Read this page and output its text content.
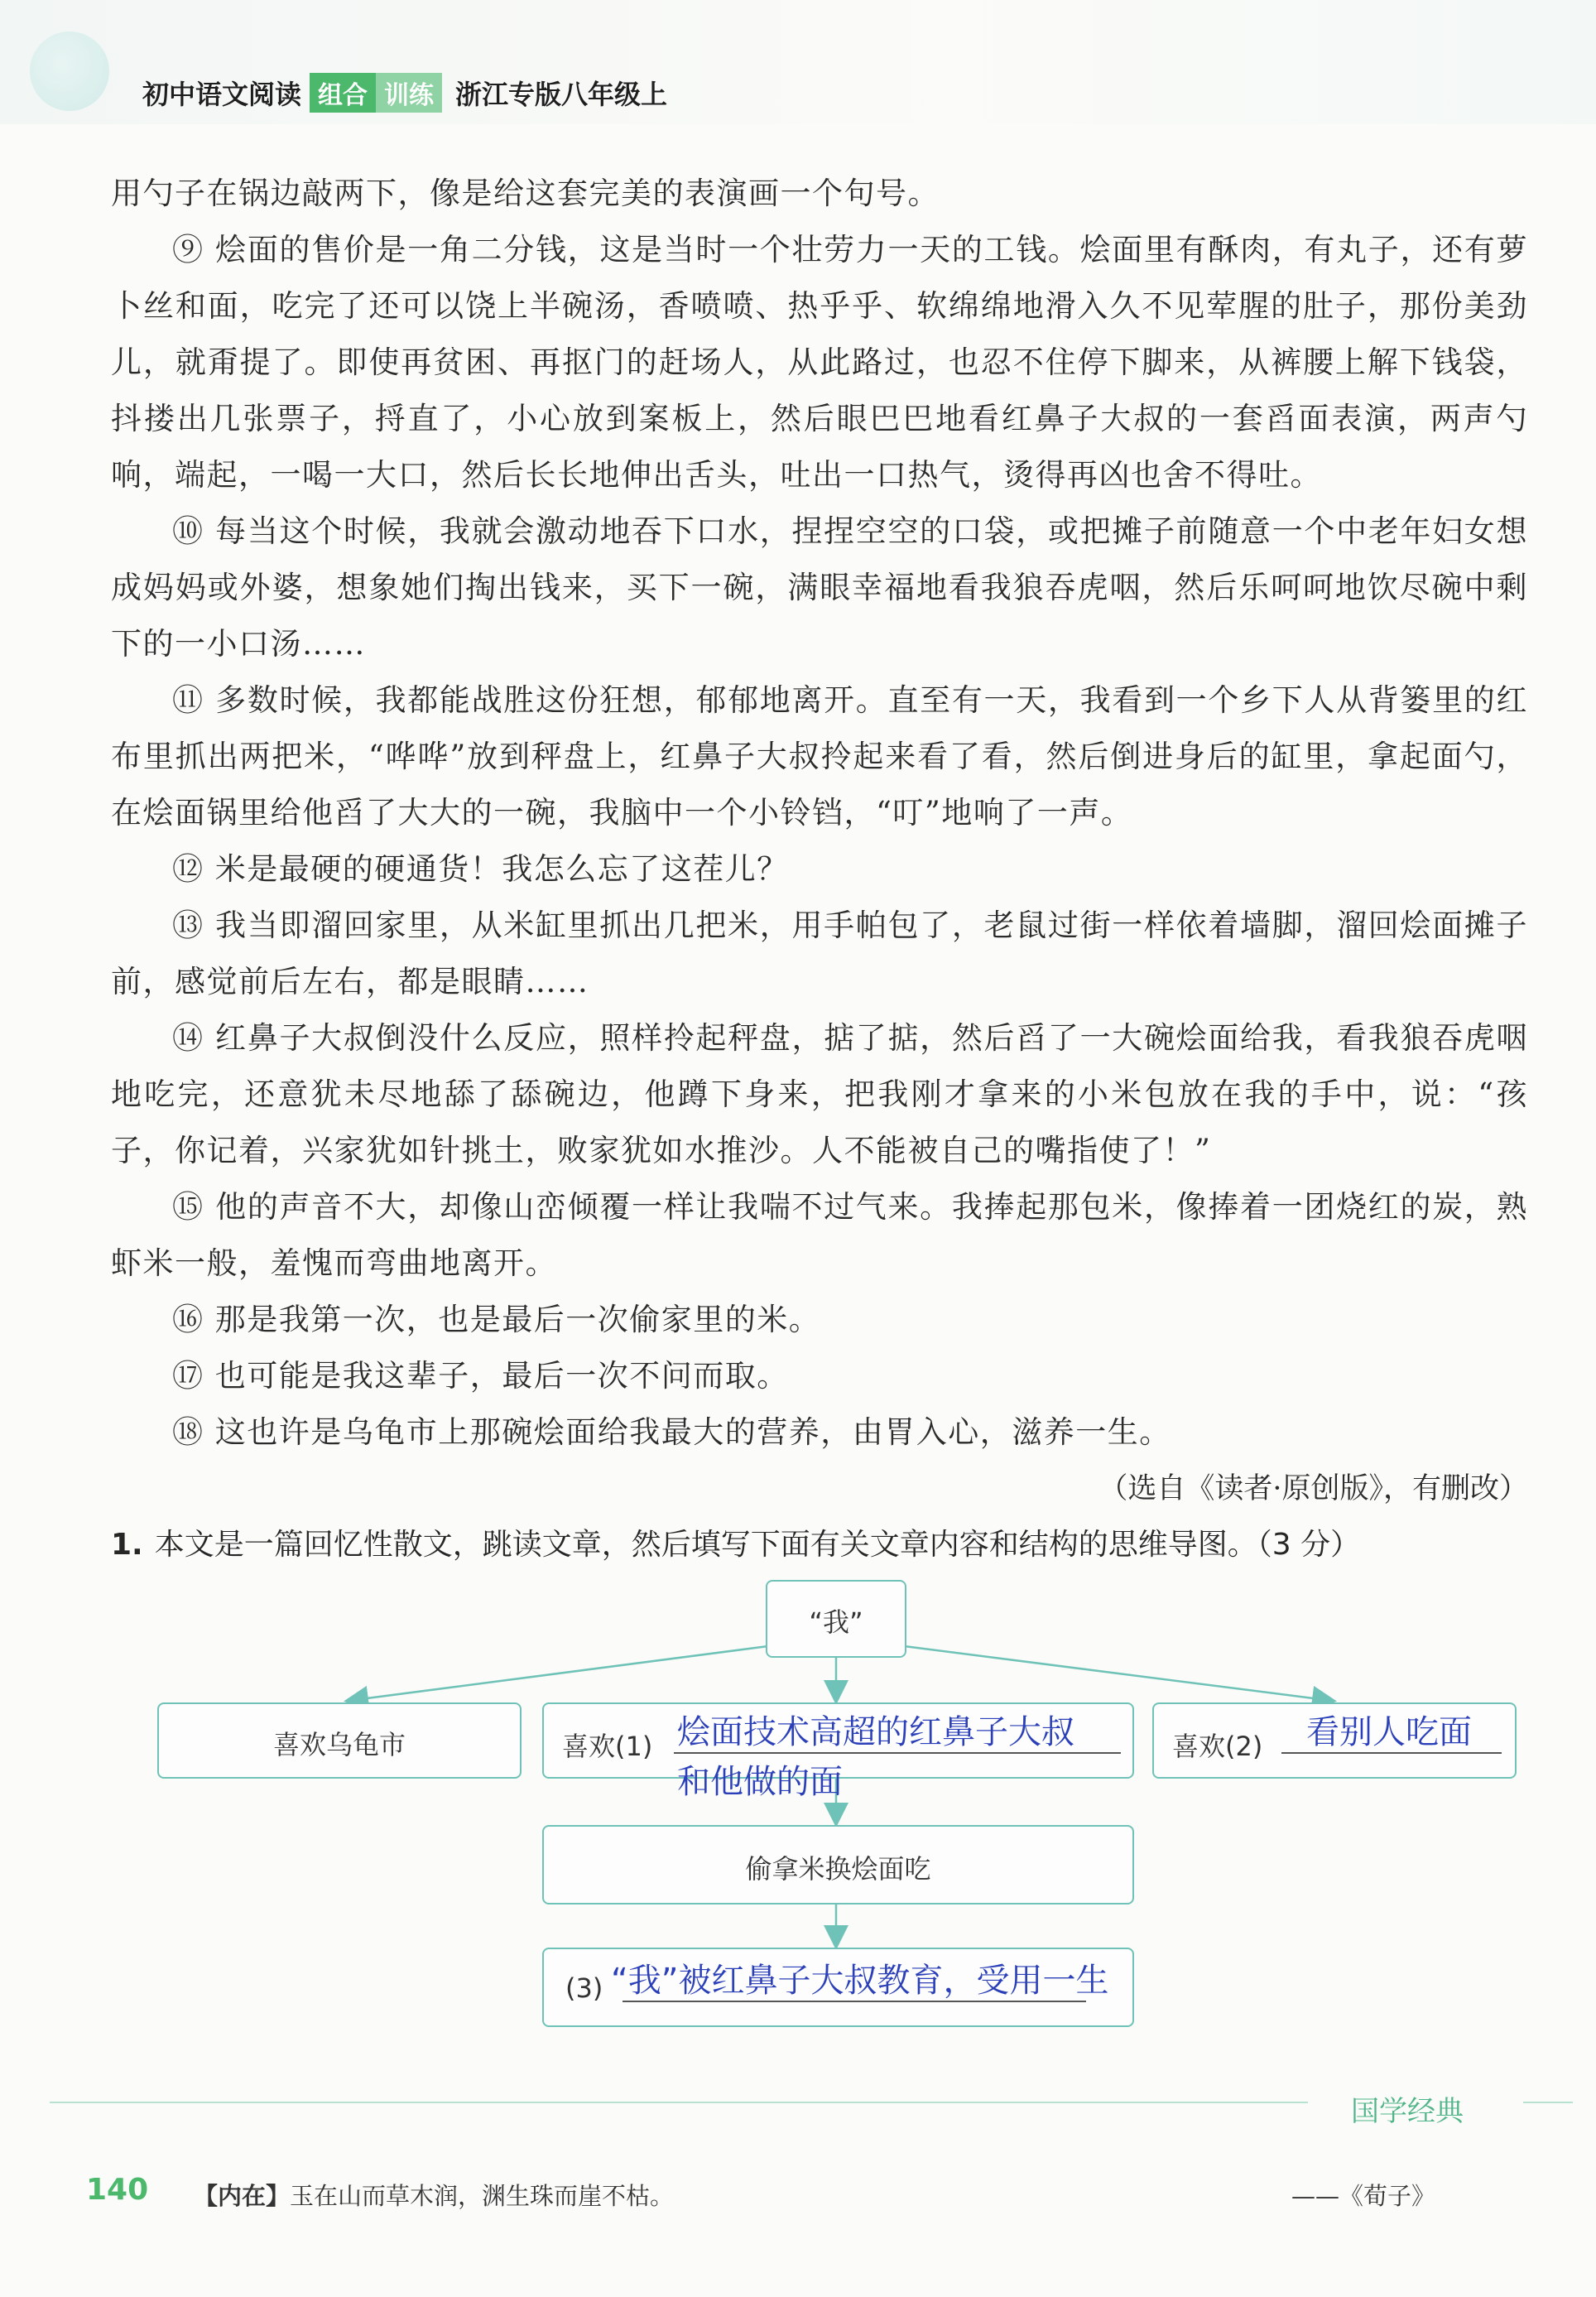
初中语文阅读 组合 训练 浙江专版八年级上

用勺子在锅边敲两下，像是给这套完美的表演画一个句号。

⑨ 烩面的售价是一角二分钱，这是当时一个壮劳力一天的工钱。烩面里有酥肉，有丸子，还有萝卜丝和面，吃完了还可以饶上半碗汤，香喷喷、热乎乎、软绵绵地滑入久不见荤腥的肚子，那份美劲儿，就甭提了。即使再贫困、再抠门的赶场人，从此路过，也忍不住停下脚来，从裤腰上解下钱袋，抖搂出几张票子，捋直了，小心放到案板上，然后眼巴巴地看红鼻子大叔的一套舀面表演，两声勺响，端起，一喝一大口，然后长长地伸出舌头，吐出一口热气，烫得再凶也舍不得吐。

⑩ 每当这个时候，我就会激动地吞下口水，捏捏空空的口袋，或把摊子前随意一个中老年妇女想成妈妈或外婆，想象她们掏出钱来，买下一碗，满眼幸福地看我狼吞虎咽，然后乐呵呵地饮尽碗中剩下的一小口汤……

⑪ 多数时候，我都能战胜这份狂想，郁郁地离开。直至有一天，我看到一个乡下人从背篓里的红布里抓出两把米，“哗哗”放到秤盘上，红鼻子大叔拎起来看了看，然后倒进身后的缸里，拿起面勺，在烩面锅里给他舀了大大的一碗，我脑中一个小铃铛，“叮”地响了一声。

⑫ 米是最硬的硬通货！我怎么忘了这茬儿？

⑬ 我当即溜回家里，从米缸里抓出几把米，用手帕包了，老鼠过街一样依着墙脚，溜回烩面摊子前，感觉前后左右，都是眼睛……

⑭ 红鼻子大叔倒没什么反应，照样拎起秤盘，掂了掂，然后舀了一大碗烩面给我，看我狼吞虎咽地吃完，还意犹未尽地舔了舔碗边，他蹲下身来，把我刚才拿来的小米包放在我的手中，说：“孩子，你记着，兴家犹如针挑土，败家犹如水推沙。人不能被自己的嘴指使了！”

⑮ 他的声音不大，却像山峦倾覆一样让我喘不过气来。我捧起那包米，像捧着一团烧红的炭，熟虾米一般，羞愧而弯曲地离开。

⑯ 那是我第一次，也是最后一次偷家里的米。

⑰ 也可能是我这辈子，最后一次不问而取。

⑱ 这也许是乌龟市上那碗烩面给我最大的营养，由胃入心，滋养一生。

（选自《读者·原创版》，有删改）

1. 本文是一篇回忆性散文，跳读文章，然后填写下面有关文章内容和结构的思维导图。（3 分）
“我”
喜欢乌龟市	喜欢(1) 烩面技术高超的红鼻子大叔
和他做的面
喜欢(2) 看别人吃面
偷拿米换烩面吃
(3) “我”被红鼻子大叔教育，受用一生
国学经典
140 【内在】玉在山而草木润，渊生珠而崖不枯。	——《荀子》
